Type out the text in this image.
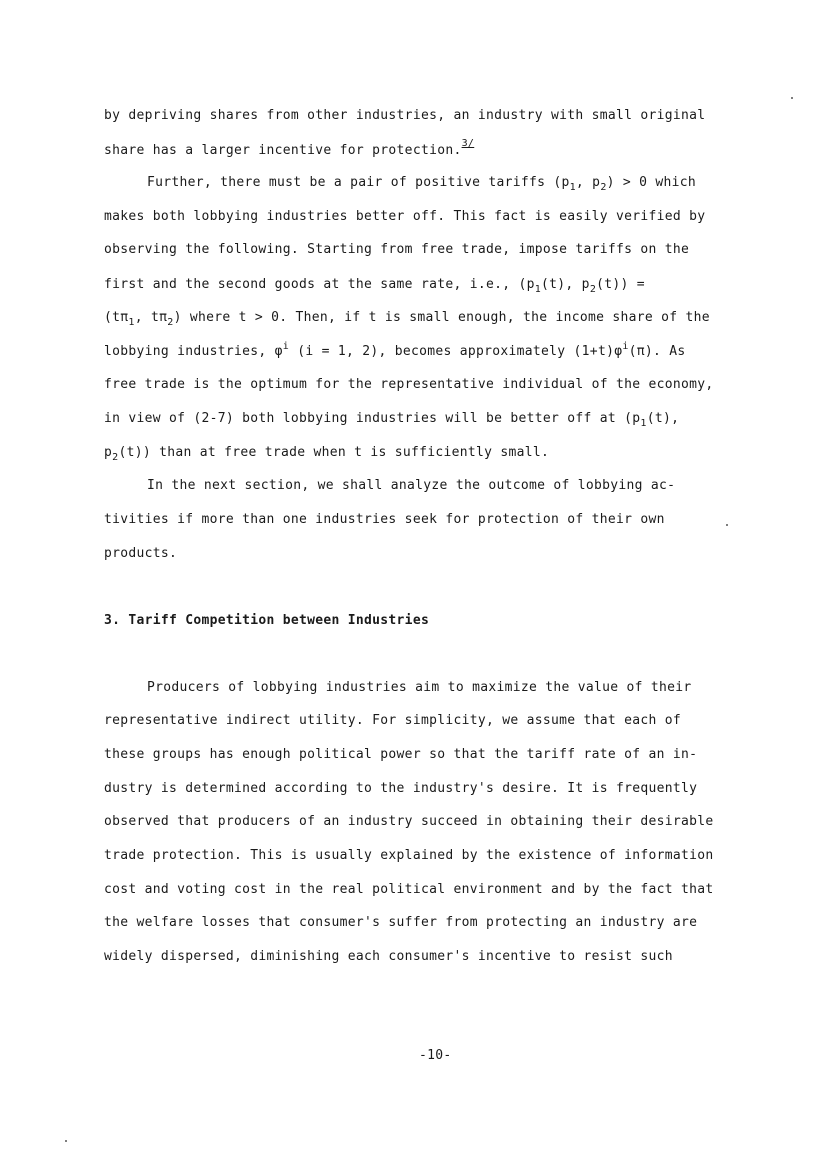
by depriving shares from other industries, an industry with small original
share has a larger incentive for protection.$^{3/}$
Further, there must be a pair of positive tariffs ($p_1$, $p_2) > 0$ which
makes both lobbying industries better off. This fact is easily verified by
observing the following. Starting from free trade, impose tariffs on the
first and the second goods at the same rate, i.e., ($p_1(t)$, $p_2(t)$) =
($t\pi_1$, $t\pi_2$) where t > 0. Then, if t is small enough, the income share of the
lobbying industries, $\varphi^i$ (i = 1, 2), becomes approximately $(1+t)\varphi^i(\pi)$. As
free trade is the optimum for the representative individual of the economy,
in view of (2-7) both lobbying industries will be better off at ($p_1(t)$,
$p_2(t)$) than at free trade when t is sufficiently small.
In the next section, we shall analyze the outcome of lobbying ac-
tivities if more than one industries seek for protection of their own
products.
3. Tariff Competition between Industries
Producers of lobbying industries aim to maximize the value of their
representative indirect utility. For simplicity, we assume that each of
these groups has enough political power so that the tariff rate of an in-
dustry is determined according to the industry's desire. It is frequently
observed that producers of an industry succeed in obtaining their desirable
trade protection. This is usually explained by the existence of information
cost and voting cost in the real political environment and by the fact that
the welfare losses that consumer's suffer from protecting an industry are
widely dispersed, diminishing each consumer's incentive to resist such
-10-
